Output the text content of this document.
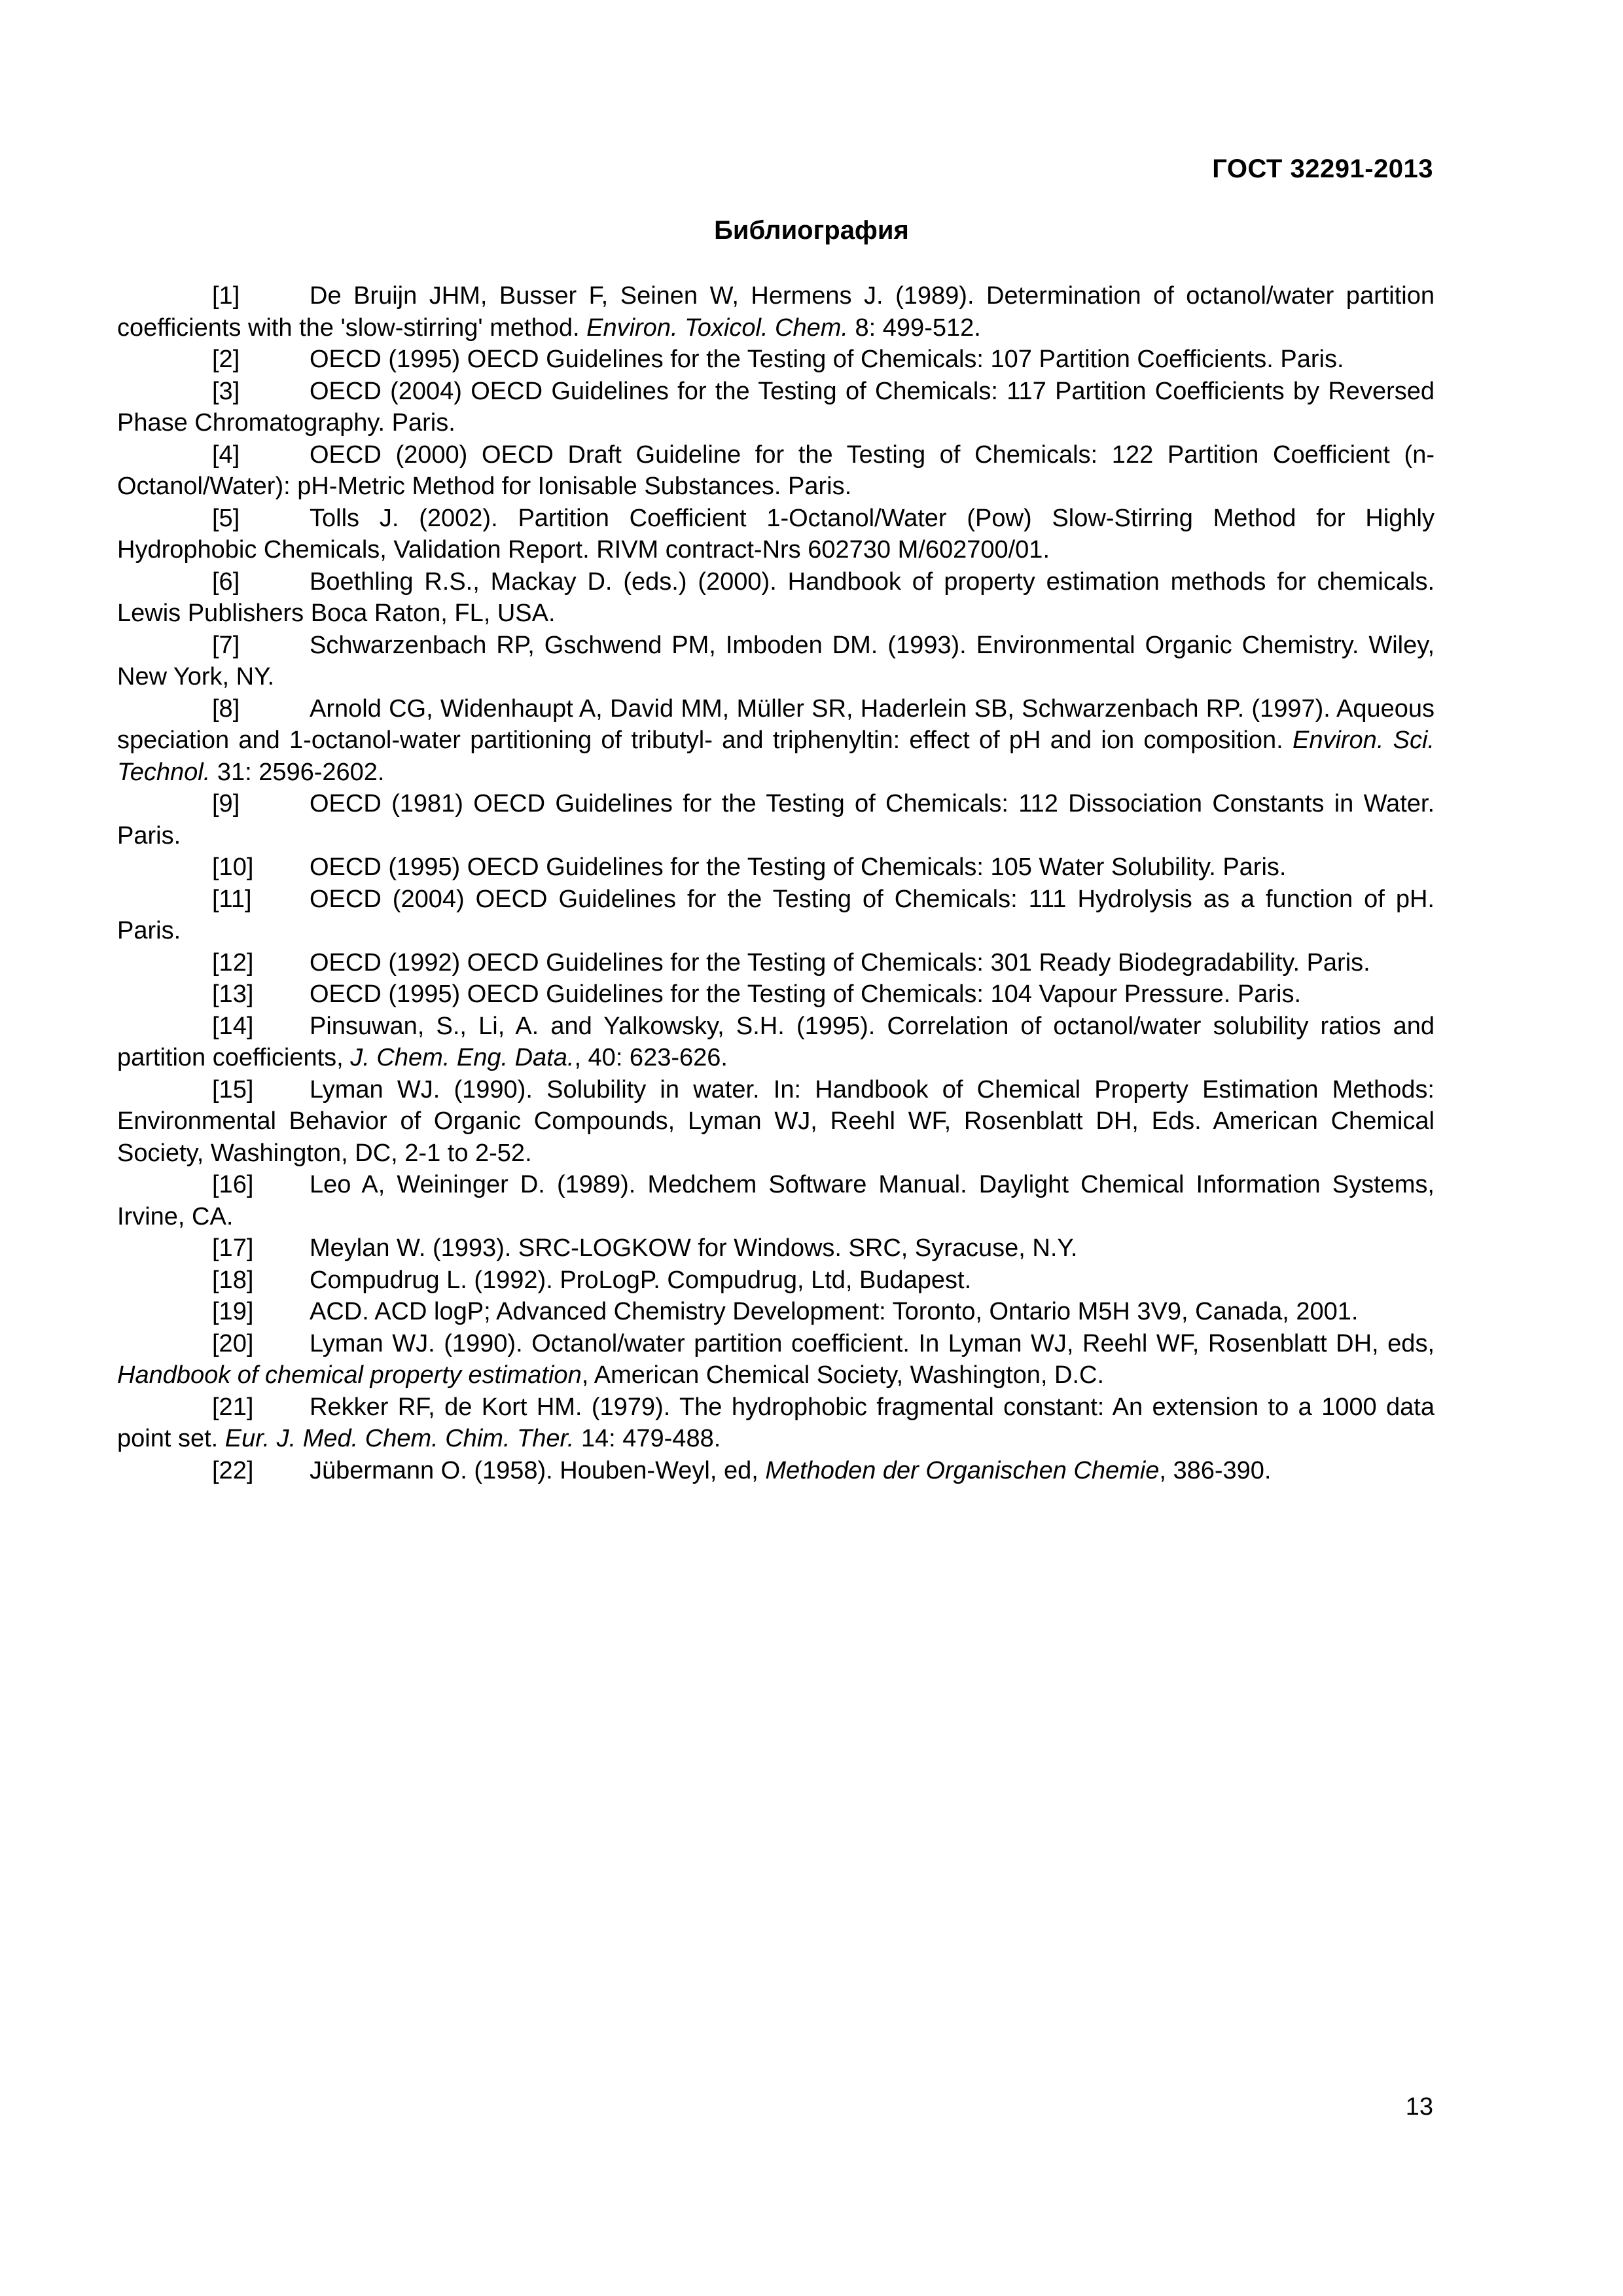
ГОСТ 32291-2013
Библиография

[1]	De Bruijn JHM, Busser F, Seinen W, Hermens J. (1989). Determination of octanol/water partition coefficients with the 'slow-stirring' method. Environ. Toxicol. Chem. 8: 499-512.

[2]	OECD (1995) OECD Guidelines for the Testing of Chemicals: 107 Partition Coefficients. Paris.

[3]	OECD (2004) OECD Guidelines for the Testing of Chemicals: 117 Partition Coefficients by Reversed Phase Chromatography. Paris.

[4]	OECD (2000) OECD Draft Guideline for the Testing of Chemicals: 122 Partition Coefficient (n-Octanol/Water): pH-Metric Method for Ionisable Substances. Paris.

[5]	Tolls J. (2002). Partition Coefficient 1-Octanol/Water (Pow) Slow-Stirring Method for Highly Hydrophobic Chemicals, Validation Report. RIVM contract-Nrs 602730 M/602700/01.

[6]	Boethling R.S., Mackay D. (eds.) (2000). Handbook of property estimation methods for chemicals. Lewis Publishers Boca Raton, FL, USA.

[7]	Schwarzenbach RP, Gschwend PM, Imboden DM. (1993). Environmental Organic Chemistry. Wiley, New York, NY.

[8]	Arnold CG, Widenhaupt A, David MM, Müller SR, Haderlein SB, Schwarzenbach RP. (1997). Aqueous speciation and 1-octanol-water partitioning of tributyl- and triphenyltin: effect of pH and ion composition. Environ. Sci. Technol. 31: 2596-2602.

[9]	OECD (1981) OECD Guidelines for the Testing of Chemicals: 112 Dissociation Constants in Water. Paris.

[10] OECD (1995) OECD Guidelines for the Testing of Chemicals: 105 Water Solubility. Paris.

[11] OECD (2004) OECD Guidelines for the Testing of Chemicals: 111 Hydrolysis as a function of pH. Paris.

[12] OECD (1992) OECD Guidelines for the Testing of Chemicals: 301 Ready Biodegradability. Paris.

[13] OECD (1995) OECD Guidelines for the Testing of Chemicals: 104 Vapour Pressure. Paris.

[14] Pinsuwan, S., Li, A. and Yalkowsky, S.H. (1995). Correlation of octanol/water solubility ratios and partition coefficients, J. Chem. Eng. Data., 40: 623-626.

[15] Lyman WJ. (1990). Solubility in water. In: Handbook of Chemical Property Estimation Methods: Environmental Behavior of Organic Compounds, Lyman WJ, Reehl WF, Rosenblatt DH, Eds. American Chemical Society, Washington, DC, 2-1 to 2-52.

[16] Leo A, Weininger D. (1989). Medchem Software Manual. Daylight Chemical Information Systems, Irvine, CA.

[17] Meylan W. (1993). SRC-LOGKOW for Windows. SRC, Syracuse, N.Y.

[18] Compudrug L. (1992). ProLogP. Compudrug, Ltd, Budapest.

[19] ACD. ACD logP; Advanced Chemistry Development: Toronto, Ontario M5H 3V9, Canada, 2001.

[20] Lyman WJ. (1990). Octanol/water partition coefficient. In Lyman WJ, Reehl WF, Rosenblatt DH, eds, Handbook of chemical property estimation, American Chemical Society, Washington, D.C.

[21] Rekker RF, de Kort HM. (1979). The hydrophobic fragmental constant: An extension to a 1000 data point set. Eur. J. Med. Chem. Chim. Ther. 14: 479-488.

[22] Jübermann O. (1958). Houben-Weyl, ed, Methoden der Organischen Chemie, 386-390.

13
